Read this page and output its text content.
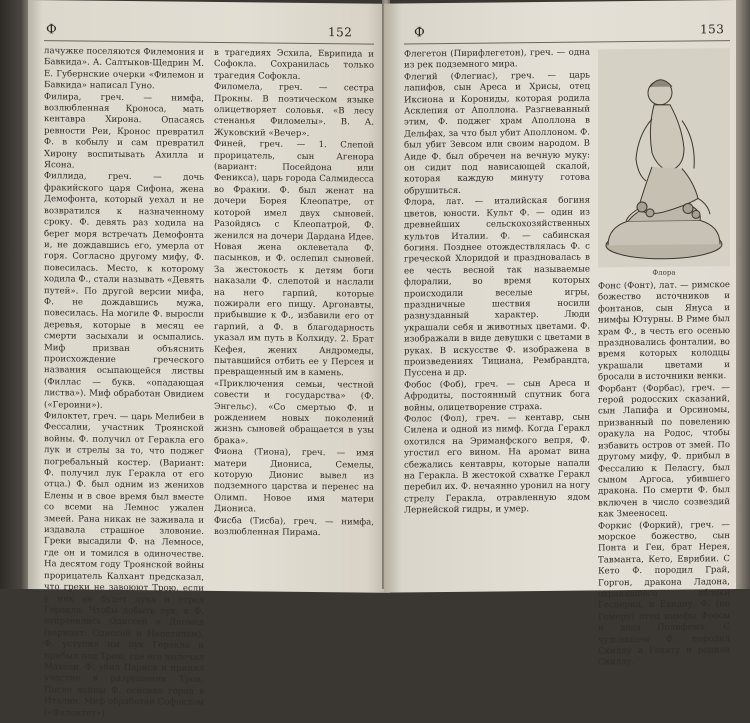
Ф	152

лачужке поселяются Филемония и Бавкида». А. Салтыков-Щедрин М. Е. Губернские очерки «Филемон и Бавкида» написал Гуно.

Филира, греч. — нимфа, возлюбленная Кроноса, мать кентавра Хирона. Опасаясь ревности Реи, Кронос превратил Ф. в кобылу и сам превратил Хирону воспитывать Ахилла и Ясона.

Филлида, греч. — дочь фракийского царя Сифона, жена Демофонта, который уехал и не возвратился к назначенному сроку. Ф. девять раз ходила на берег моря встречать Демофонта и, не дождавшись его, умерла от горя. Согласно другому мифу, Ф. повесилась. Место, к которому ходила Ф., стали называть «Девять путей». По другой версии мифа, Ф. не дождавшись мужа, повесилась. На могиле Ф. выросли деревья, которые в месяц ее смерти засыхали и осыпались. Миф призван объяснить происхождение греческого названия осыпающейся листвы (Филлас — букв. «опадающая листва»). Миф обработан Овидием («Героини»).

Филоктет, греч. — царь Мелибеи в Фессалии, участник Троянской войны. Ф. получил от Геракла его лук и стрелы за то, что поджег погребальный костер. (Вариант: Ф. получил лук Геракла от его отца.) Ф. был одним из женихов Елены и в свое время был вместе со всеми на Лемнос ужален змеей. Рана никак не заживала и издавала страшное зловоние. Греки высадили Ф. на Лемносе, где он и томился в одиночестве. На десятом году Троянской войны прорицатель Калхант предсказал, что греки не завоюют Трою, если у них не будет лука и стрел Геракла. Чтобы добыть лук, к Ф. отправились Одиссей и Диомед (вариант: Одиссей и Неоптолем). Ф. уступил им лук Геракла и прибыл под Трою, где его вылечил Махаон. Ф. убил Париса и принял участие в разрушении Трои. После войны Ф. основал город в Италии. Миф обработан Софоклом («Филоктет»).

в трагедиях Эсхила, Еврипида и Софокла. Сохранилась только трагедия Софокла.

Филомела, греч. — сестра Прокны. В поэтическом языке олицетворяет соловья. «В лесу стенанья Филомелы». В. А. Жуковский «Вечер».

Финей, греч. — 1. Слепой прорицатель, сын Агенора (вариант: Посейдона или Феникса), царь города Салмидесса во Фракии. Ф. был женат на дочери Борея Клеопатре, от которой имел двух сыновей. Разойдясь с Клеопатрой, Ф. женился на дочери Дардана Идее. Новая жена оклеветала Ф. пасынков, и Ф. ослепил сыновей. За жестокость к детям боги наказали Ф. слепотой и наслали на него гарпий, которые пожирали его пищу. Аргонавты, прибывшие к Ф., избавили его от гарпий, а Ф. в благодарность указал им путь в Колхиду. 2. Брат Кефея, жених Андромеды, пытавшийся отбить ее у Персея и превращенный им в камень.

«Приключения семьи, честной совести и государства» (Ф. Энгельс). «Со смертью Ф. и рождением новых поколений жизнь сыновей обращается в узы брака».

Фиона (Тиона), греч. — имя матери Диониса, Семелы, которую Дионис вывел из подземного царства и перенес на Олимп. Новое имя матери Диониса.

Фисба (Тисба), греч. — нимфа, возлюбленная Пирама.

Ф	153

Флегетон (Пирифлегетон), греч. — одна из рек подземного мира.

Флегий (Флегиас), греч. — царь лапифов, сын Ареса и Хрисы, отец Иксиона и Корониды, которая родила Асклепия от Аполлона. Разгневанный этим, Ф. поджег храм Аполлона в Дельфах, за что был убит Аполлоном. Ф. был убит Зевсом или своим народом. В Аиде Ф. был обречен на вечную муку: он сидит под нависающей скалой, которая каждую минуту готова обрушиться.

Флора, лат. — италийская богиня цветов, юности. Культ Ф. — один из древнейших сельскохозяйственных культов Италии. Ф. — сабинская богиня. Позднее отождествлялась Ф. с греческой Хлоридой и праздновалась в ее честь весной так называемые флоралии, во время которых происходили веселые игры, праздничные шествия носили разнузданный характер. Люди украшали себя и животных цветами. Ф. изображали в виде девушки с цветами в руках. В искусстве Ф. изображена в произведениях Тициана, Рембрандта, Пуссена и др.

Фобос (Фоб), греч. — сын Ареса и Афродиты, постоянный спутник бога войны, олицетворение страха.

Фолос (Фол), греч. — кентавр, сын Силена и одной из нимф. Когда Геракл охотился на Эриманфского вепря, Ф. угостил его вином. На аромат вина сбежались кентавры, которые напали на Геракла. В жестокой схватке Геракл перебил их. Ф. нечаянно уронил на ногу стрелу Геракла, отравленную ядом Лернейской гидры, и умер.

Флора

Фонс (Фонт), лат. — римское божество источников и фонтанов, сын Януса и нимфы Ютурны. В Риме был храм Ф., в честь его осенью праздновались фонталии, во время которых колодцы украшали цветами и бросали в источники венки.

Форбант (Форбас), греч. — герой родосских сказаний, сын Лапифа и Орсиномы, призванный по повелению оракула на Родос, чтобы избавить остров от змей. По другому мифу, Ф. прибыл в Фессалию к Пеласгу, был сыном Аргоса, убившего дракона. По смерти Ф. был включен в число созвездий как Змееносец.

Форкис (Форкий), греч. — морское божество, сын Понта и Геи, брат Нерея, Тавманта, Кето, Еврибии. С Кето Ф. породил Грай, Горгон, дракона Ладона, охранявшего яблоки Гесперид, и Ехидну. Ф. (по Гомеру) отец нимфы Фоосы и деда Полифема. С чудовищем Ф. породил Скиллу и Гекату и родила Скиллу.
